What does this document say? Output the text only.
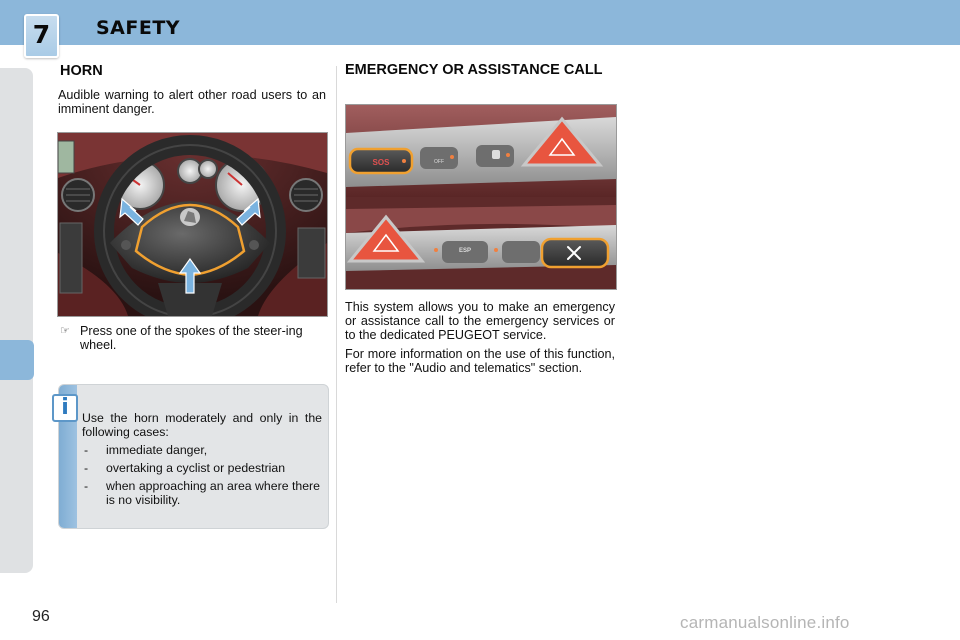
7	SAFETY
HORN

Audible warning to alert other road users to an imminent danger.

☞ Press one of the spokes of the steer-ing wheel.
i	Use the horn moderately and only in the following cases:

- immediate danger,
- overtaking a cyclist or pedestrian
- when approaching an area where there is no visibility.
EMERGENCY OR ASSISTANCE CALL
SOS	OFF
ESP

This system allows you to make an emergency or assistance call to the emergency services or to the dedicated PEUGEOT service.

For more information on the use of this function, refer to the "Audio and telematics" section.

96	carmanualsonline.info
